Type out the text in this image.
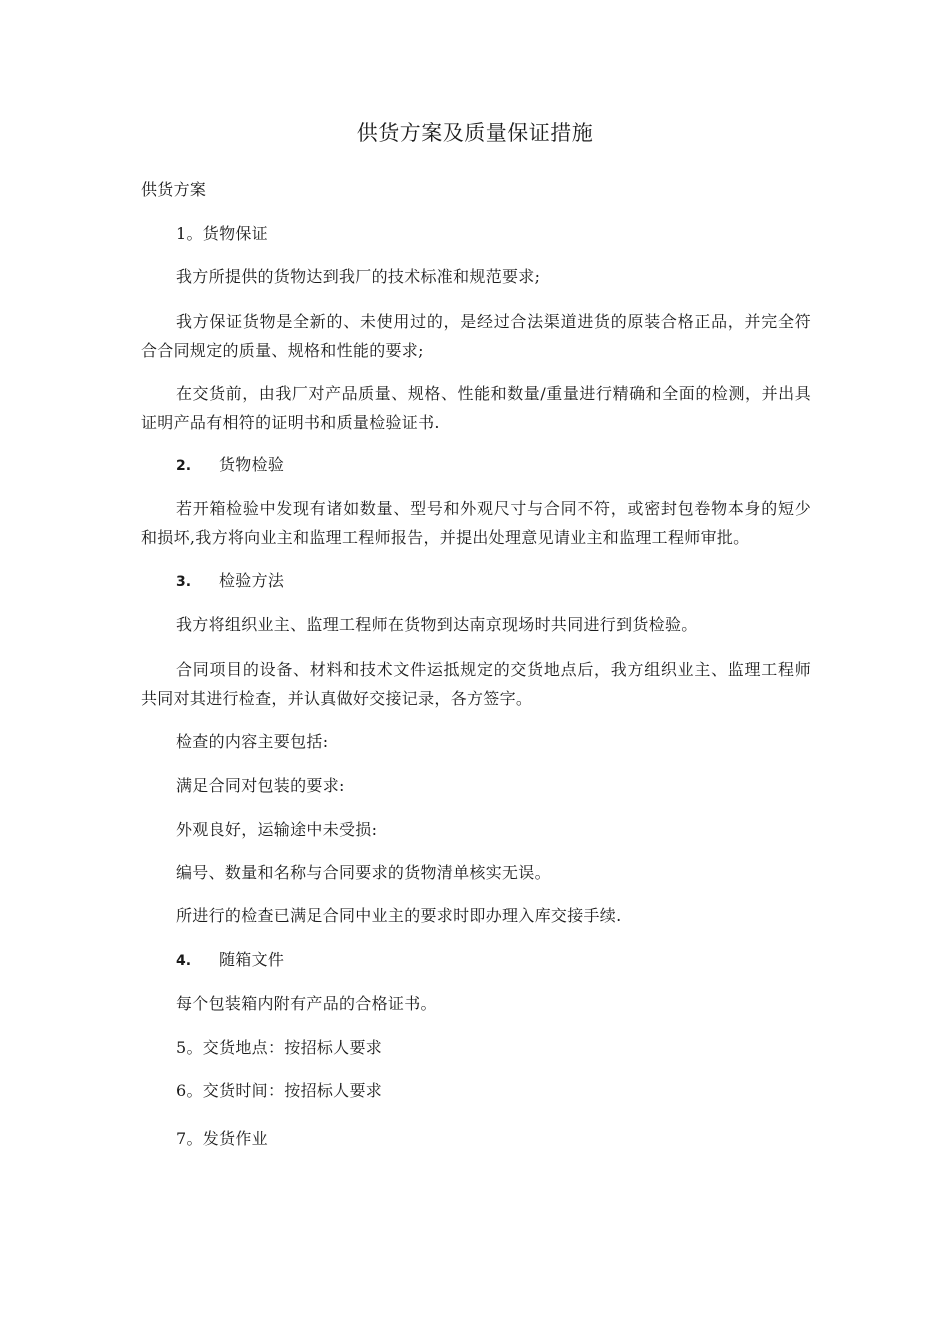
供货方案及质量保证措施
供货方案
1。货物保证
我方所提供的货物达到我厂的技术标准和规范要求;
我方保证货物是全新的、未使用过的，是经过合法渠道进货的原装合格正品，并完全符合合同规定的质量、规格和性能的要求;
在交货前，由我厂对产品质量、规格、性能和数量/重量进行精确和全面的检测，并出具证明产品有相符的证明书和质量检验证书.
2. 货物检验
若开箱检验中发现有诸如数量、型号和外观尺寸与合同不符，或密封包卷物本身的短少和损坏,我方将向业主和监理工程师报告，并提出处理意见请业主和监理工程师审批。
3. 检验方法
我方将组织业主、监理工程师在货物到达南京现场时共同进行到货检验。
合同项目的设备、材料和技术文件运抵规定的交货地点后，我方组织业主、监理工程师共同对其进行检查，并认真做好交接记录，各方签字。
检查的内容主要包括:
满足合同对包装的要求:
外观良好，运输途中未受损:
编号、数量和名称与合同要求的货物清单核实无误。
所进行的检查已满足合同中业主的要求时即办理入库交接手续.
4. 随箱文件
每个包装箱内附有产品的合格证书。
5。交货地点：按招标人要求
6。交货时间：按招标人要求
7。发货作业
